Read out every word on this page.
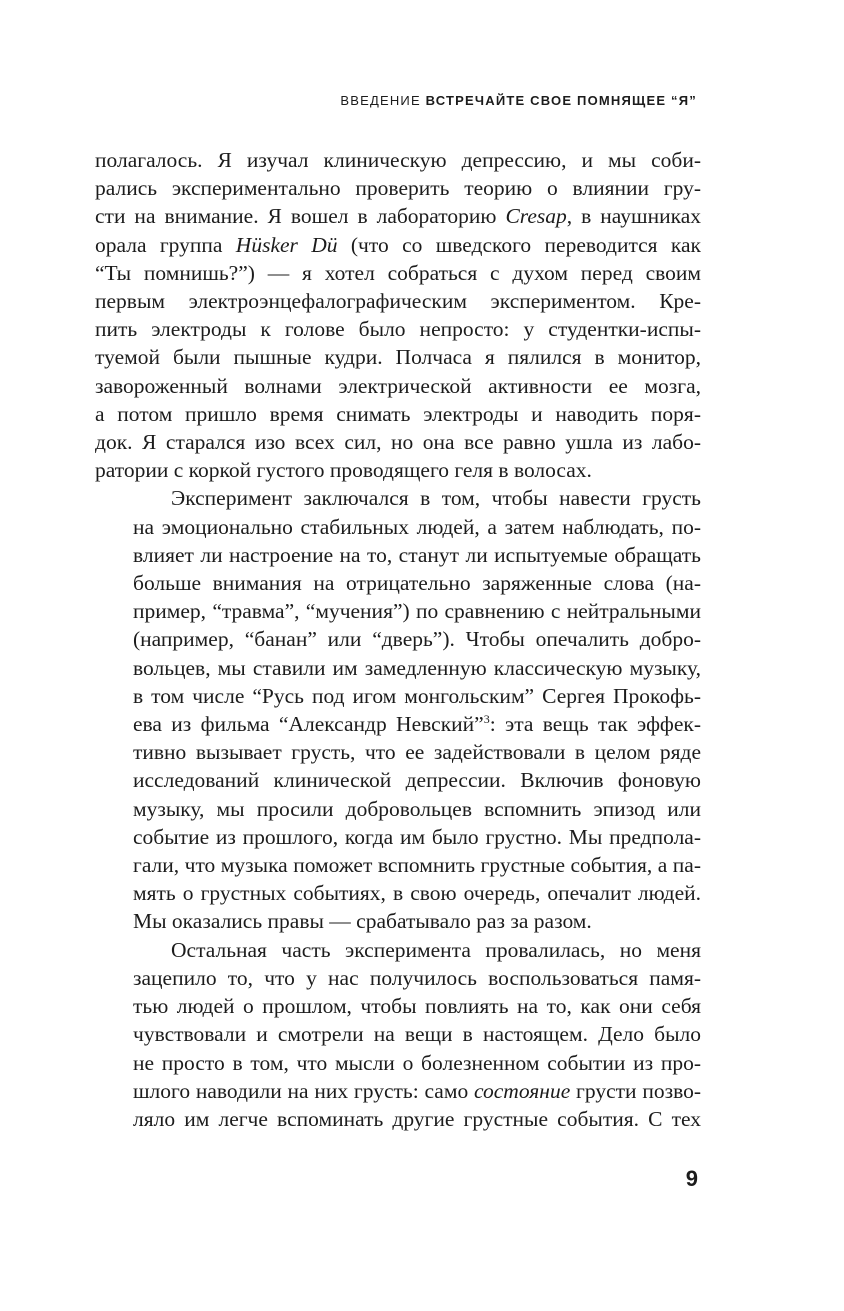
ВВЕДЕНИЕ ВСТРЕЧАЙТЕ СВОЕ ПОМНЯЩЕЕ “Я”

полагалось. Я изучал клиническую депрессию, и мы соби-
рались экспериментально проверить теорию о влиянии гру-
сти на внимание. Я вошел в лабораторию Cresap, в наушниках
орала группа Hüsker Dü (что со шведского переводится как
“Ты помнишь?”) — я хотел собраться с духом перед своим
первым электроэнцефалографическим экспериментом. Кре-
пить электроды к голове было непросто: у студентки-испы-
туемой были пышные кудри. Полчаса я пялился в монитор,
завороженный волнами электрической активности ее мозга,
а потом пришло время снимать электроды и наводить поря-
док. Я старался изо всех сил, но она все равно ушла из лабо-
ратории с коркой густого проводящего геля в волосах.

Эксперимент заключался в том, чтобы навести грусть
на эмоционально стабильных людей, а затем наблюдать, по-
влияет ли настроение на то, станут ли испытуемые обращать
больше внимания на отрицательно заряженные слова (на-
пример, “травма”, “мучения”) по сравнению с нейтральными
(например, “банан” или “дверь”). Чтобы опечалить добро-
вольцев, мы ставили им замедленную классическую музыку,
в том числе “Русь под игом монгольским” Сергея Прокофь-
ева из фильма “Александр Невский”$^3$: эта вещь так эффек-
тивно вызывает грусть, что ее задействовали в целом ряде
исследований клинической депрессии. Включив фоновую
музыку, мы просили добровольцев вспомнить эпизод или
событие из прошлого, когда им было грустно. Мы предпола-
гали, что музыка поможет вспомнить грустные события, а па-
мять о грустных событиях, в свою очередь, опечалит людей.
Мы оказались правы — срабатывало раз за разом.

Остальная часть эксперимента провалилась, но меня
зацепило то, что у нас получилось воспользоваться памя-
тью людей о прошлом, чтобы повлиять на то, как они себя
чувствовали и смотрели на вещи в настоящем. Дело было
не просто в том, что мысли о болезненном событии из про-
шлого наводили на них грусть: само состояние грусти позво-
ляло им легче вспоминать другие грустные события. С тех

9
